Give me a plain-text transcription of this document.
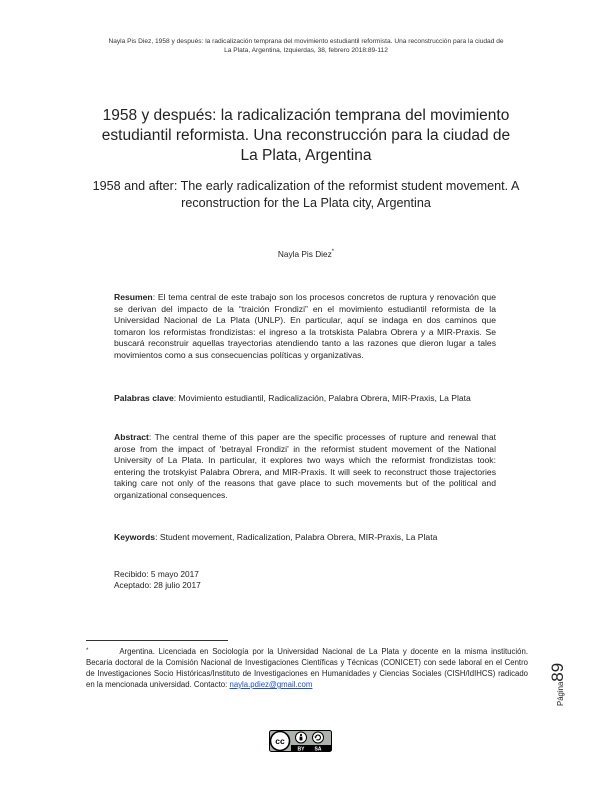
Nayla Pis Diez, 1958 y después: la radicalización temprana del movimiento estudiantil reformista. Una reconstrucción para la ciudad de
La Plata, Argentina, Izquierdas, 38, febrero 2018:89-112
1958 y después: la radicalización temprana del movimiento
estudiantil reformista. Una reconstrucción para la ciudad de
La Plata, Argentina
1958 and after: The early radicalization of the reformist student movement. A
reconstruction for the La Plata city, Argentina
Nayla Pis Diez*
Resumen: El tema central de este trabajo son los procesos concretos de ruptura y renovación que se derivan del impacto de la “traición Frondizi” en el movimiento estudiantil reformista de la Universidad Nacional de La Plata (UNLP). En particular, aquí se indaga en dos caminos que tomaron los reformistas frondizistas: el ingreso a la trotskista Palabra Obrera y a MIR-Praxis. Se buscará reconstruir aquellas trayectorias atendiendo tanto a las razones que dieron lugar a tales movimientos como a sus consecuencias políticas y organizativas.
Palabras clave: Movimiento estudiantil, Radicalización, Palabra Obrera, MIR-Praxis, La Plata
Abstract: The central theme of this paper are the specific processes of rupture and renewal that arose from the impact of 'betrayal Frondizi' in the reformist student movement of the National University of La Plata. In particular, it explores two ways which the reformist frondizistas took: entering the trotskyist Palabra Obrera, and MIR-Praxis. It will seek to reconstruct those trajectories taking care not only of the reasons that gave place to such movements but of the political and organizational consequences.
Keywords: Student movement, Radicalization, Palabra Obrera, MIR-Praxis, La Plata
Recibido: 5 mayo 2017
Aceptado: 28 julio 2017
*	Argentina. Licenciada en Sociología por la Universidad Nacional de La Plata y docente en la misma institución. Becaria doctoral de la Comisión Nacional de Investigaciones Científicas y Técnicas (CONICET) con sede laboral en el Centro de Investigaciones Socio Históricas/Instituto de Investigaciones en Humanidades y Ciencias Sociales (CISH/IdIHCS) radicado en la mencionada universidad. Contacto: nayla.pdiez@gmail.com	Página89
cc
BY SA
